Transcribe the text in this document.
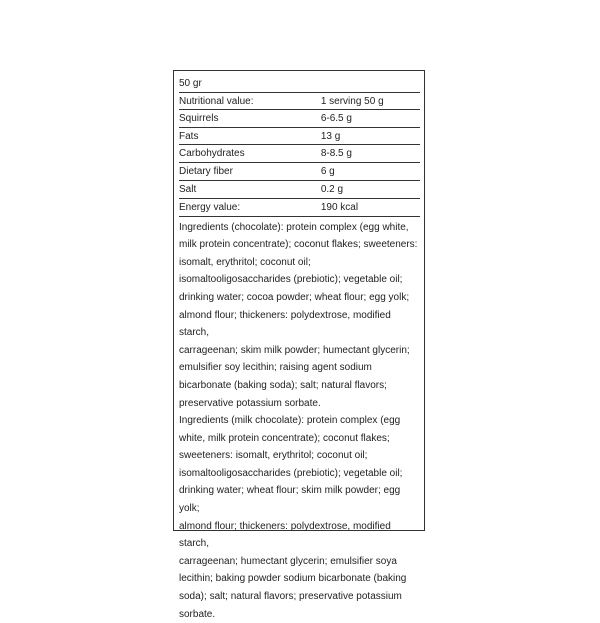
50 gr
Nutritional value:	1 serving 50 g
Squirrels	6-6.5 g
Fats	13 g
Carbohydrates	8-8.5 g
Dietary fiber	6 g
Salt	0.2 g
Energy value:	190 kcal
Ingredients (chocolate): protein complex (egg white,
milk protein concentrate); coconut flakes; sweeteners:
isomalt, erythritol; coconut oil;
isomaltooligosaccharides (prebiotic); vegetable oil;
drinking water; cocoa powder; wheat flour; egg yolk;
almond flour; thickeners: polydextrose, modified starch,
carrageenan; skim milk powder; humectant glycerin;
emulsifier soy lecithin; raising agent sodium
bicarbonate (baking soda); salt; natural flavors;
preservative potassium sorbate.
Ingredients (milk chocolate): protein complex (egg
white, milk protein concentrate); coconut flakes;
sweeteners: isomalt, erythritol; coconut oil;
isomaltooligosaccharides (prebiotic); vegetable oil;
drinking water; wheat flour; skim milk powder; egg yolk;
almond flour; thickeners: polydextrose, modified starch,
carrageenan; humectant glycerin; emulsifier soya
lecithin; baking powder sodium bicarbonate (baking
soda); salt; natural flavors; preservative potassium
sorbate.
